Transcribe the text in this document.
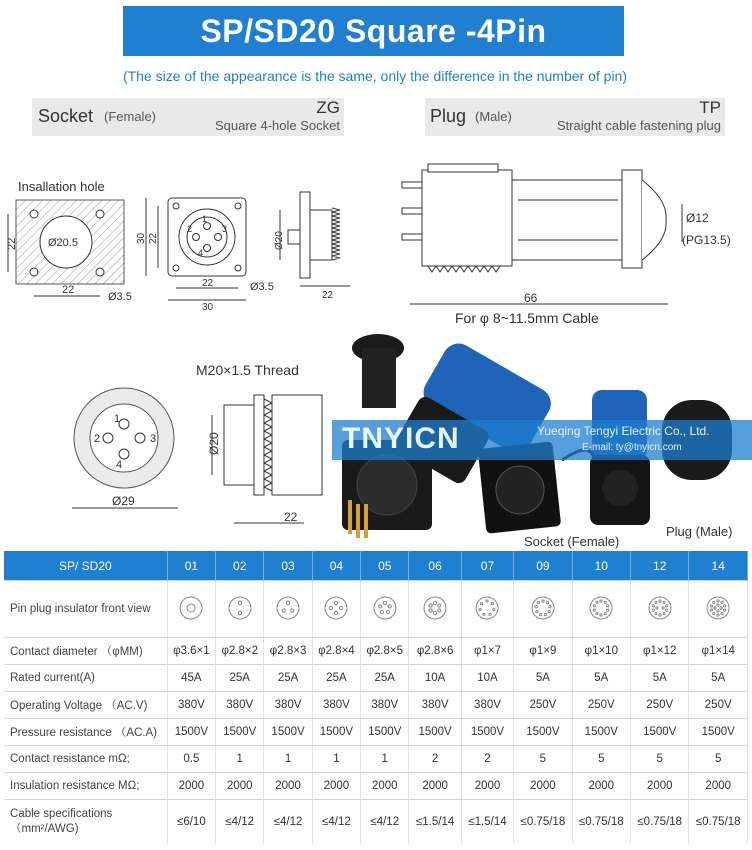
SP/SD20 Square -4Pin
(The size of the appearance is the same, only the difference in the number of pin)
Socket (Female)	ZG
Square 4-hole Socket	Plug (Male)	TP
Straight cable fastening plug
Insallation hole
22
22
Ø20.5
Ø3.5
30 22
22
30
Ø3.5
1
2	3
4
Ø20
22
Ø12
(PG13.5)
66
For φ 8~11.5mm Cable
M20×1.5 Thread
1
2	3
4
Ø29
Ø20
22
TNYICN	Yueqing Tengyi Electric Co., Ltd.
E-mail: ty@tnyicn.com
Socket (Female)
Plug (Male)
SP/ SD20	01	02	03	04	05	06	07	09	10	12	14
Pin plug insulator front view											
Contact diameter （φMM)	φ3.6×1	φ2.8×2	φ2.8×3	φ2.8×4	φ2.8×5	φ2.8×6	φ1×7	φ1×9	φ1×10	φ1×12	φ1×14
Rated current(A)	45A	25A	25A	25A	25A	10A	10A	5A	5A	5A	5A
Operating Voltage （AC.V)	380V	380V	380V	380V	380V	380V	380V	250V	250V	250V	250V
Pressure resistance （AC.A)	1500V	1500V	1500V	1500V	1500V	1500V	1500V	1500V	1500V	1500V	1500V
Contact resistance mΩ;	0.5	1	1	1	1	2	2	5	5	5	5
Insulation resistance MΩ;	2000	2000	2000	2000	2000	2000	2000	2000	2000	2000	2000
Cable specifications（mm²/AWG)	≤6/10	≤4/12	≤4/12	≤4/12	≤4/12	≤1.5/14	≤1.5/14	≤0.75/18	≤0.75/18	≤0.75/18	≤0.75/18
